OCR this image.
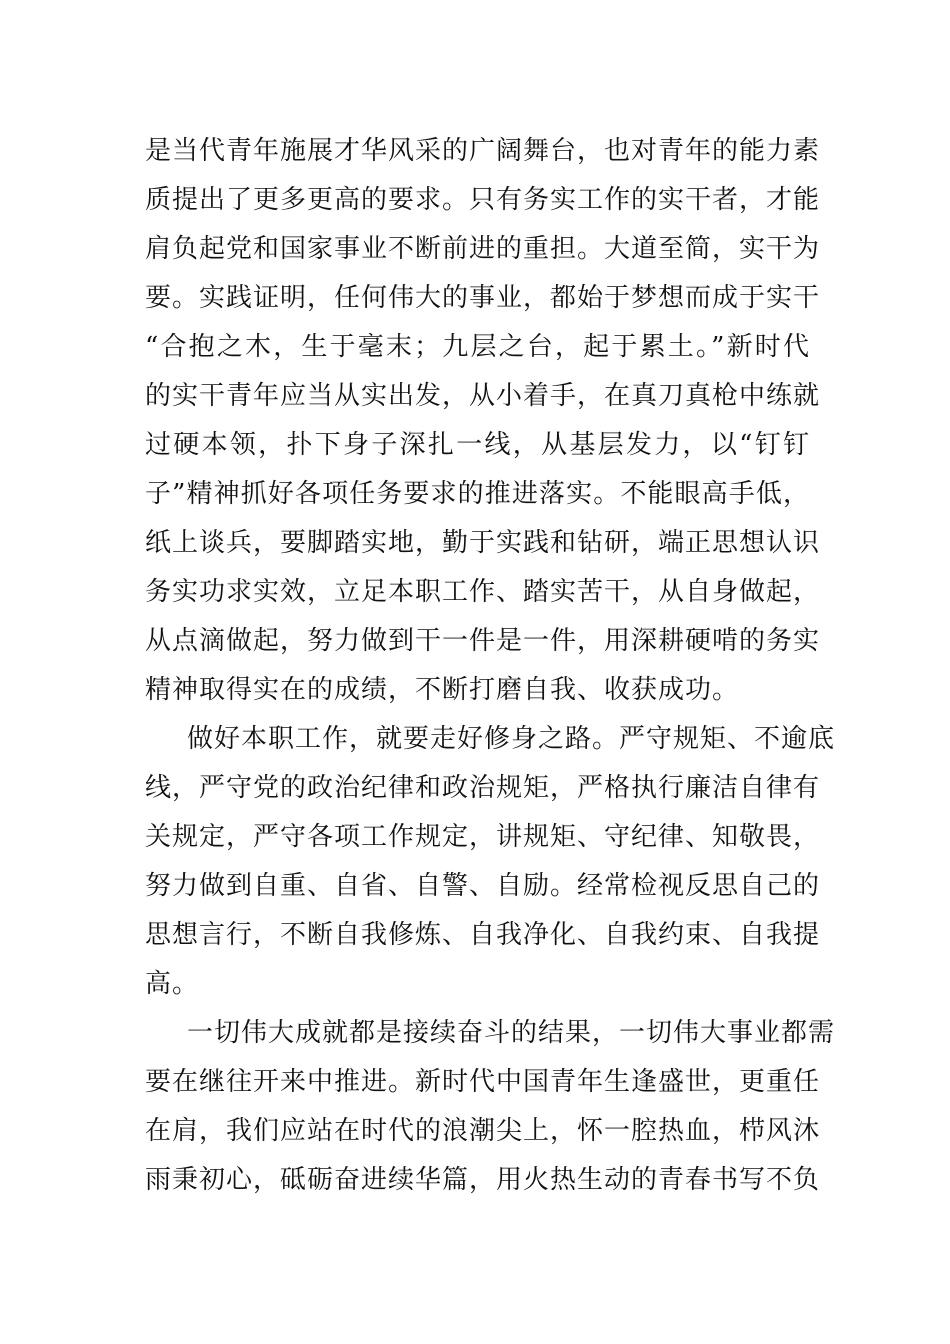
是当代青年施展才华风采的广阔舞台，也对青年的能力素
质提出了更多更高的要求。只有务实工作的实干者，才能
肩负起党和国家事业不断前进的重担。大道至简，实干为
要。实践证明，任何伟大的事业，都始于梦想而成于实干
“合抱之木，生于毫末；九层之台，起于累土。”新时代
的实干青年应当从实出发，从小着手，在真刀真枪中练就
过硬本领，扑下身子深扎一线，从基层发力，以“钉钉
子”精神抓好各项任务要求的推进落实。不能眼高手低，
纸上谈兵，要脚踏实地，勤于实践和钻研，端正思想认识
务实功求实效，立足本职工作、踏实苦干，从自身做起，
从点滴做起，努力做到干一件是一件，用深耕硬啃的务实
精神取得实在的成绩，不断打磨自我、收获成功。
做好本职工作，就要走好修身之路。严守规矩、不逾底
线，严守党的政治纪律和政治规矩，严格执行廉洁自律有
关规定，严守各项工作规定，讲规矩、守纪律、知敬畏，
努力做到自重、自省、自警、自励。经常检视反思自己的
思想言行，不断自我修炼、自我净化、自我约束、自我提
高。
一切伟大成就都是接续奋斗的结果，一切伟大事业都需
要在继往开来中推进。新时代中国青年生逢盛世，更重任
在肩，我们应站在时代的浪潮尖上，怀一腔热血，栉风沐
雨秉初心，砥砺奋进续华篇，用火热生动的青春书写不负
